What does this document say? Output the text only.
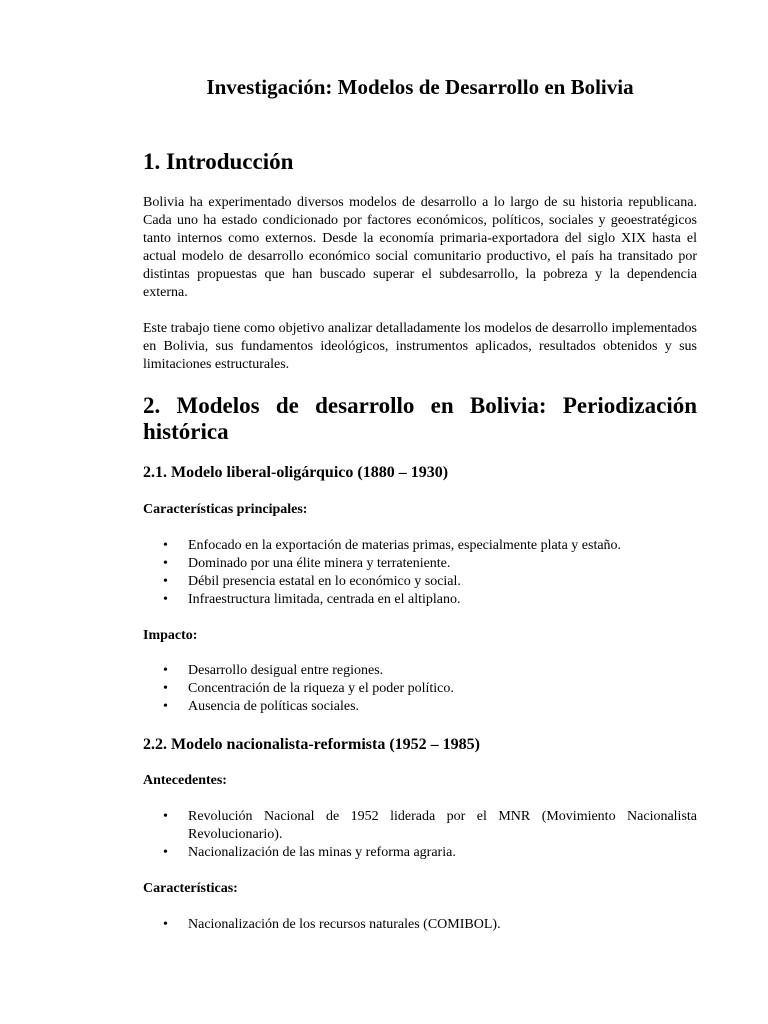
Investigación: Modelos de Desarrollo en Bolivia
1. Introducción

Bolivia ha experimentado diversos modelos de desarrollo a lo largo de su historia republicana. Cada uno ha estado condicionado por factores económicos, políticos, sociales y geoestratégicos tanto internos como externos. Desde la economía primaria-exportadora del siglo XIX hasta el actual modelo de desarrollo económico social comunitario productivo, el país ha transitado por distintas propuestas que han buscado superar el subdesarrollo, la pobreza y la dependencia externa.

Este trabajo tiene como objetivo analizar detalladamente los modelos de desarrollo implementados en Bolivia, sus fundamentos ideológicos, instrumentos aplicados, resultados obtenidos y sus limitaciones estructurales.

2. Modelos de desarrollo en Bolivia: Periodización histórica
2.1. Modelo liberal-oligárquico (1880 – 1930)

Características principales:

• Enfocado en la exportación de materias primas, especialmente plata y estaño.
• Dominado por una élite minera y terrateniente.
• Débil presencia estatal en lo económico y social.
• Infraestructura limitada, centrada en el altiplano.

Impacto:

• Desarrollo desigual entre regiones.
• Concentración de la riqueza y el poder político.
• Ausencia de políticas sociales.
2.2. Modelo nacionalista-reformista (1952 – 1985)

Antecedentes:

• Revolución Nacional de 1952 liderada por el MNR (Movimiento Nacionalista Revolucionario).
• Nacionalización de las minas y reforma agraria.

Características:

• Nacionalización de los recursos naturales (COMIBOL).
